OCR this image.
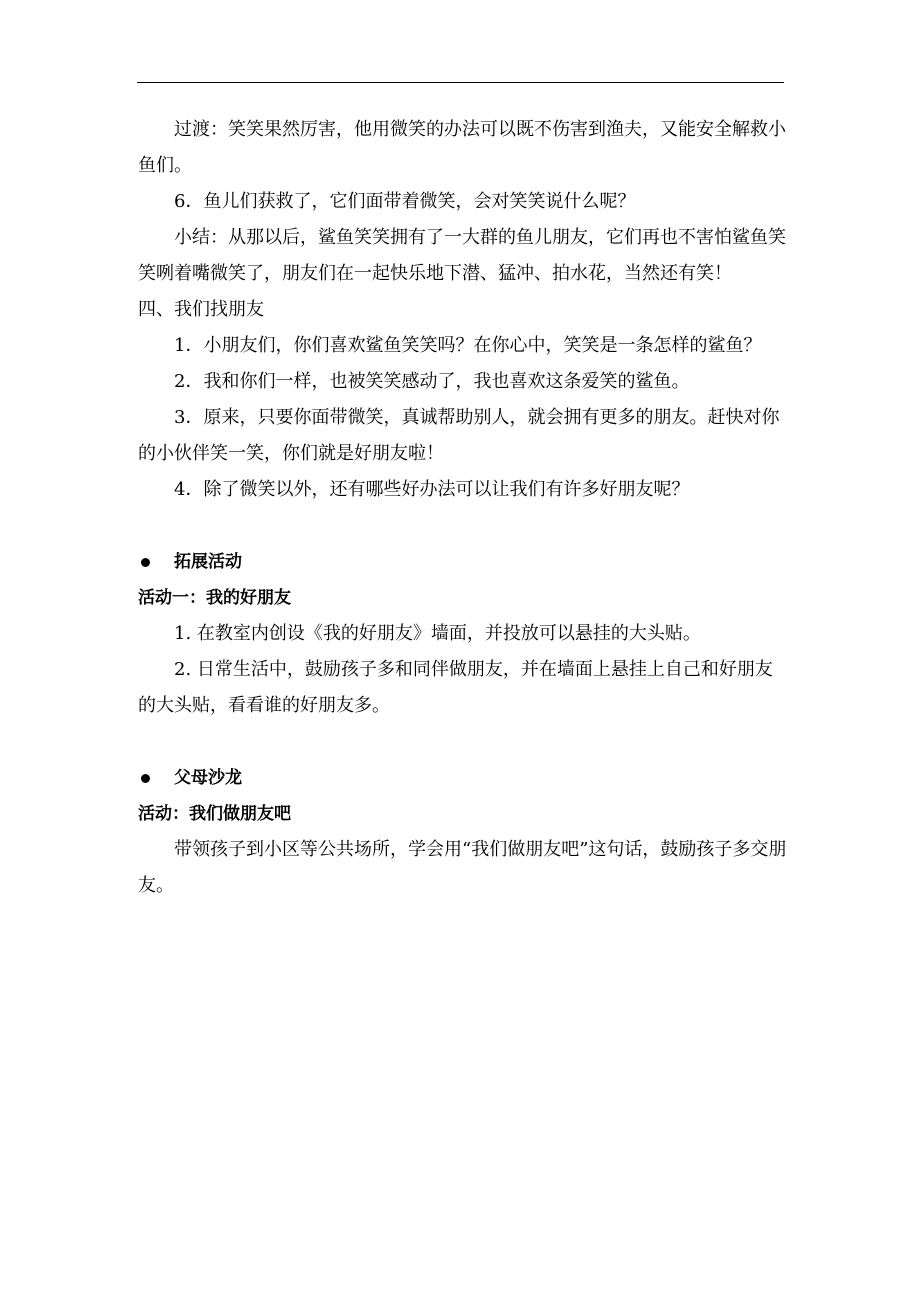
过渡：笑笑果然厉害，他用微笑的办法可以既不伤害到渔夫，又能安全解救小鱼们。

6．鱼儿们获救了，它们面带着微笑，会对笑笑说什么呢？

小结：从那以后，鲨鱼笑笑拥有了一大群的鱼儿朋友，它们再也不害怕鲨鱼笑笑咧着嘴微笑了，朋友们在一起快乐地下潜、猛冲、拍水花，当然还有笑！

四、我们找朋友

1．小朋友们，你们喜欢鲨鱼笑笑吗？在你心中，笑笑是一条怎样的鲨鱼？

2．我和你们一样，也被笑笑感动了，我也喜欢这条爱笑的鲨鱼。

3．原来，只要你面带微笑，真诚帮助别人，就会拥有更多的朋友。赶快对你的小伙伴笑一笑，你们就是好朋友啦！

4．除了微笑以外，还有哪些好办法可以让我们有许多好朋友呢？

拓展活动

活动一：我的好朋友

1. 在教室内创设《我的好朋友》墙面，并投放可以悬挂的大头贴。

2. 日常生活中，鼓励孩子多和同伴做朋友，并在墙面上悬挂上自己和好朋友的大头贴，看看谁的好朋友多。

父母沙龙

活动：我们做朋友吧

带领孩子到小区等公共场所，学会用“我们做朋友吧”这句话，鼓励孩子多交朋友。
